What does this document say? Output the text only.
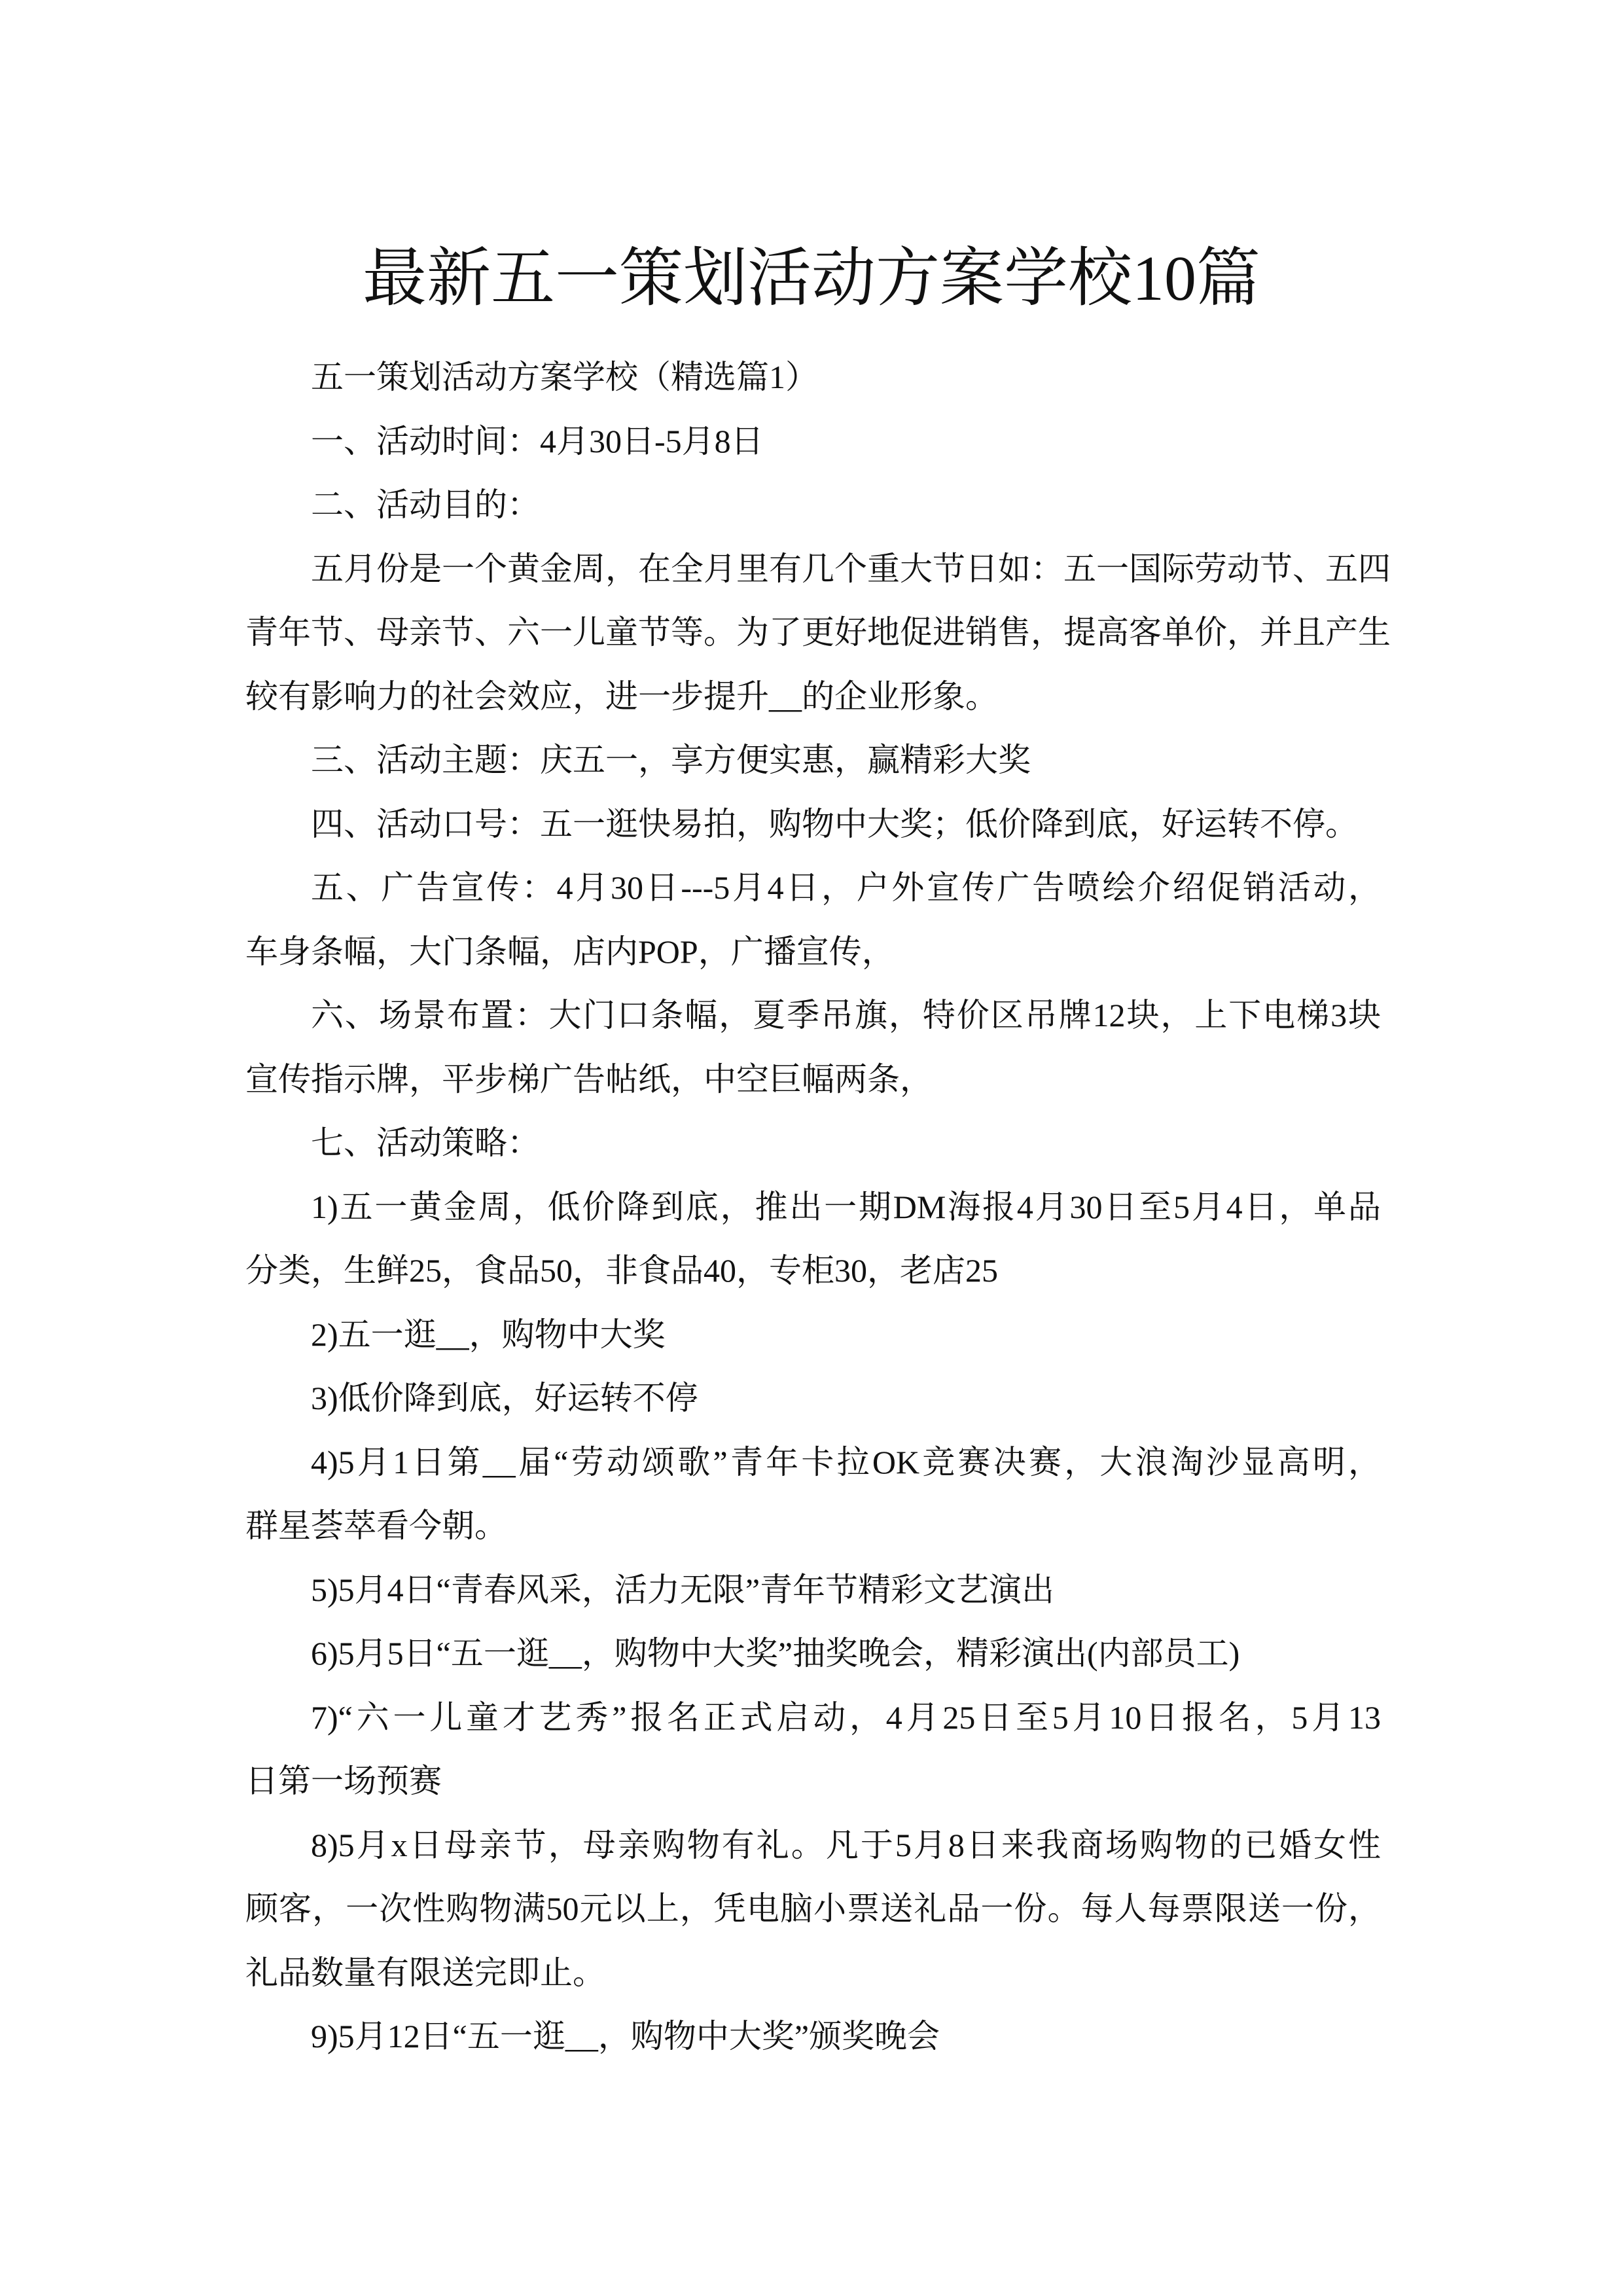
最新五一策划活动方案学校10篇
五一策划活动方案学校（精选篇1）
一、活动时间：4月30日-5月8日
二、活动目的：
五月份是一个黄金周，在全月里有几个重大节日如：五一国际劳动节、五四
青年节、母亲节、六一儿童节等。为了更好地促进销售，提高客单价，并且产生
较有影响力的社会效应，进一步提升__的企业形象。
三、活动主题：庆五一，享方便实惠，赢精彩大奖
四、活动口号：五一逛快易拍，购物中大奖；低价降到底，好运转不停。
五、广告宣传：4月30日---5月4日，户外宣传广告喷绘介绍促销活动，
车身条幅，大门条幅，店内POP，广播宣传，
六、场景布置：大门口条幅，夏季吊旗，特价区吊牌12块，上下电梯3块
宣传指示牌，平步梯广告帖纸，中空巨幅两条，
七、活动策略：
1)五一黄金周，低价降到底，推出一期DM海报4月30日至5月4日，单品
分类，生鲜25，食品50，非食品40，专柜30，老店25
2)五一逛__，购物中大奖
3)低价降到底，好运转不停
4)5月1日第__届“劳动颂歌”青年卡拉OK竞赛决赛，大浪淘沙显高明，
群星荟萃看今朝。
5)5月4日“青春风采，活力无限”青年节精彩文艺演出
6)5月5日“五一逛__，购物中大奖”抽奖晚会，精彩演出(内部员工)
7)“六一儿童才艺秀”报名正式启动，4月25日至5月10日报名，5月13
日第一场预赛
8)5月x日母亲节，母亲购物有礼。凡于5月8日来我商场购物的已婚女性
顾客，一次性购物满50元以上，凭电脑小票送礼品一份。每人每票限送一份，
礼品数量有限送完即止。
9)5月12日“五一逛__，购物中大奖”颁奖晚会
